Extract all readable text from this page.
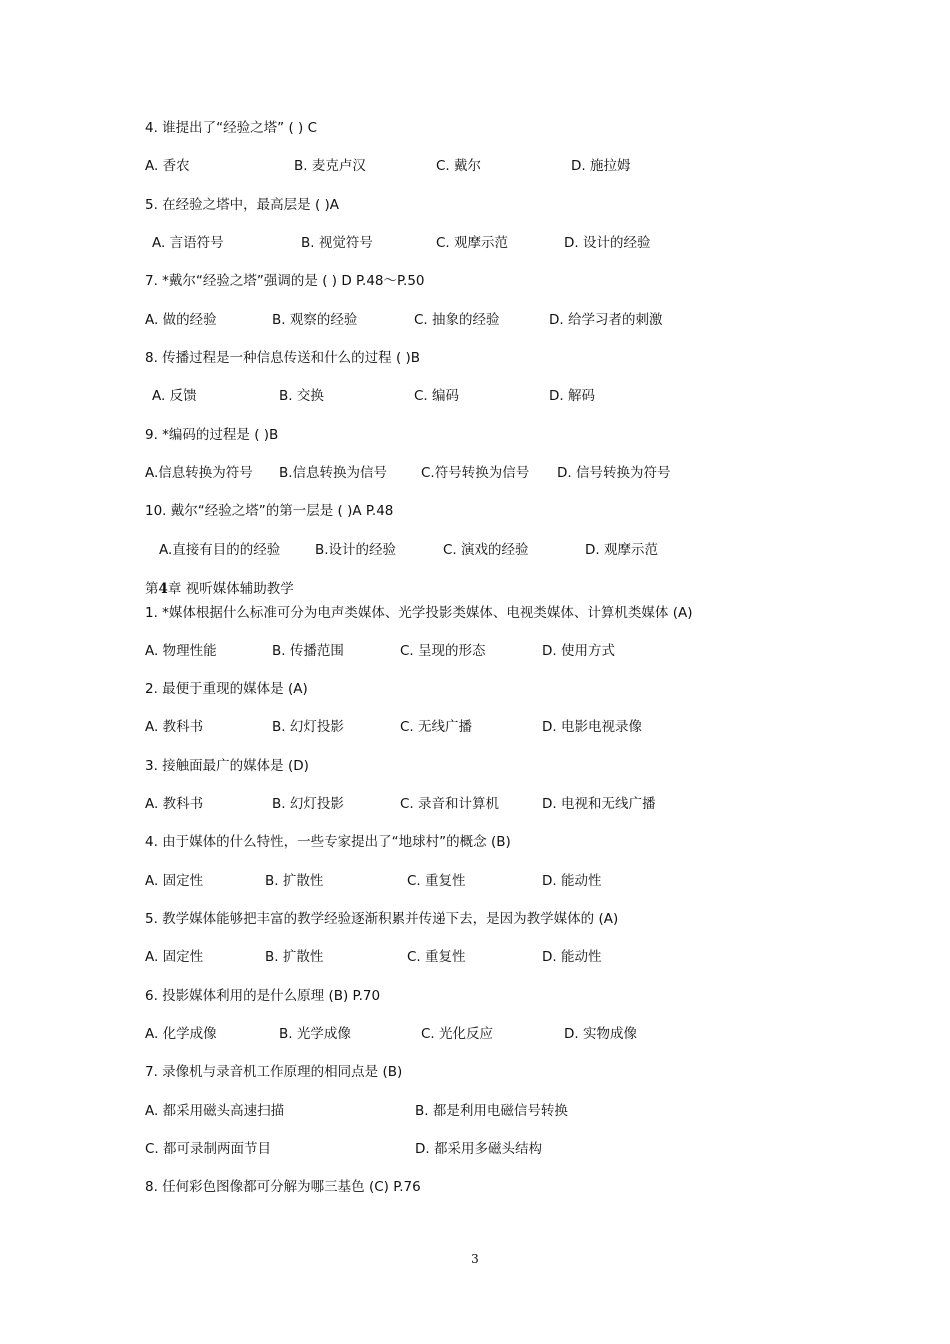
4. 谁提出了“经验之塔” ( ) C
A. 香农	B. 麦克卢汉	C. 戴尔	D. 施拉姆
5. 在经验之塔中，最高层是 ( )A
A. 言语符号	B. 视觉符号	C. 观摩示范	D. 设计的经验
7. *戴尔“经验之塔”强调的是 ( ) D P.48～P.50
A. 做的经验	B. 观察的经验	C. 抽象的经验	D. 给学习者的刺激
8. 传播过程是一种信息传送和什么的过程 ( )B
A. 反馈	B. 交换	C. 编码	D. 解码
9. *编码的过程是 ( )B
A.信息转换为符号 B.信息转换为信号	C.符号转换为信号 D. 信号转换为符号
10. 戴尔“经验之塔”的第一层是 ( )A P.48
A.直接有目的的经验	B.设计的经验	C. 演戏的经验	D. 观摩示范
第4章 视听媒体辅助教学
1. *媒体根据什么标准可分为电声类媒体、光学投影类媒体、电视类媒体、计算机类媒体 (A)
A. 物理性能	B. 传播范围	C. 呈现的形态	D. 使用方式
2. 最便于重现的媒体是 (A)
A. 教科书	B. 幻灯投影	C. 无线广播	D. 电影电视录像
3. 接触面最广的媒体是 (D)
A. 教科书	B. 幻灯投影	C. 录音和计算机	D. 电视和无线广播
4. 由于媒体的什么特性，一些专家提出了“地球村”的概念 (B)
A. 固定性	B. 扩散性	C. 重复性	D. 能动性
5. 教学媒体能够把丰富的教学经验逐渐积累并传递下去，是因为教学媒体的 (A)
A. 固定性	B. 扩散性	C. 重复性	D. 能动性
6. 投影媒体利用的是什么原理 (B) P.70
A. 化学成像	B. 光学成像	C. 光化反应	D. 实物成像
7. 录像机与录音机工作原理的相同点是 (B)
A. 都采用磁头高速扫描	B. 都是利用电磁信号转换
C. 都可录制两面节目	D. 都采用多磁头结构
8. 任何彩色图像都可分解为哪三基色 (C) P.76
3
